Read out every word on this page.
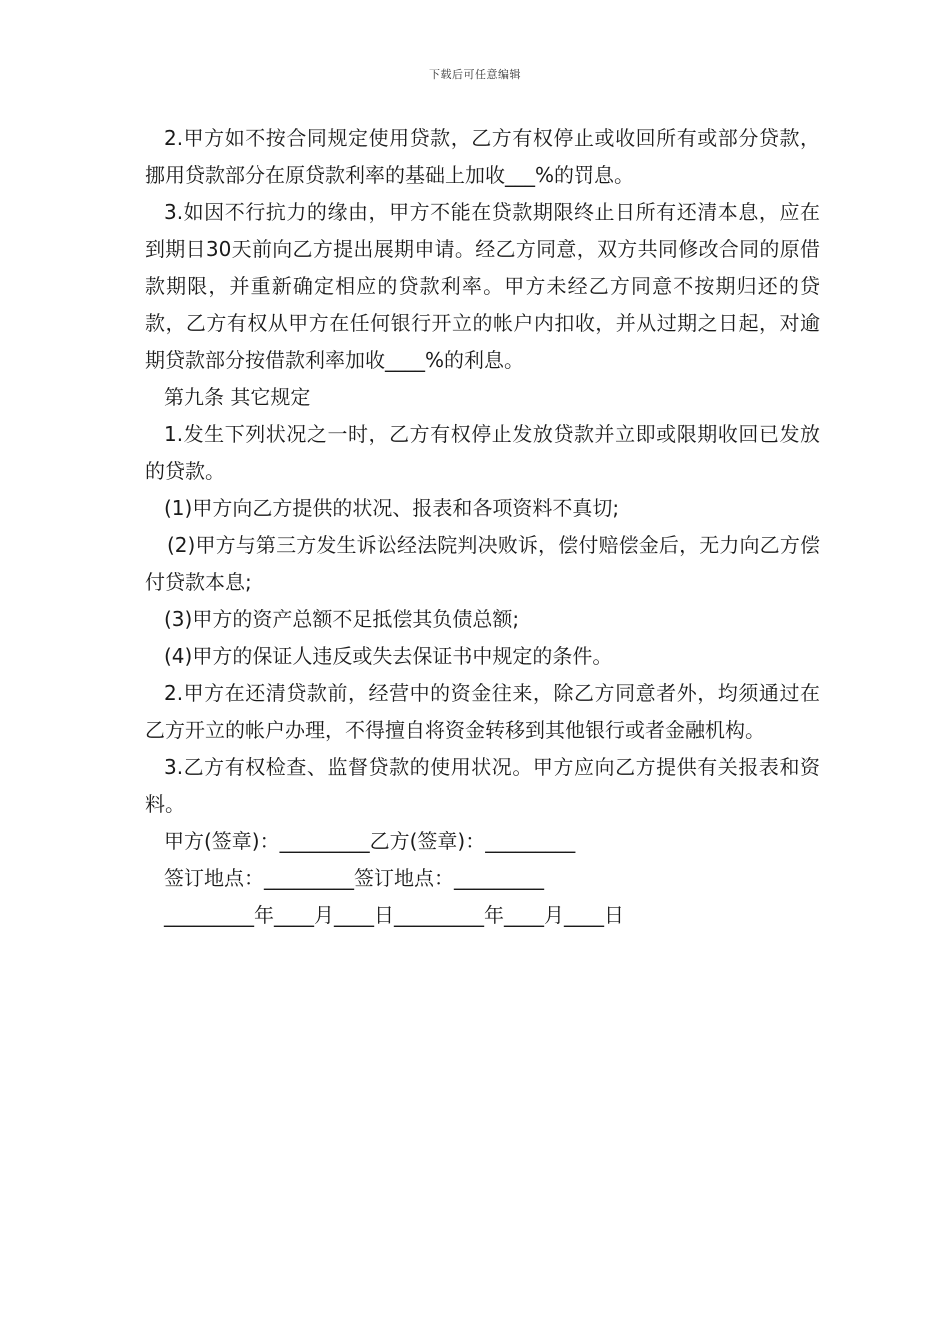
下载后可任意编辑

2.甲方如不按合同规定使用贷款，乙方有权停止或收回所有或部分贷款，挪用贷款部分在原贷款利率的基础上加收___%的罚息。

3.如因不行抗力的缘由，甲方不能在贷款期限终止日所有还清本息，应在到期日30天前向乙方提出展期申请。经乙方同意，双方共同修改合同的原借款期限，并重新确定相应的贷款利率。甲方未经乙方同意不按期归还的贷款，乙方有权从甲方在任何银行开立的帐户内扣收，并从过期之日起，对逾期贷款部分按借款利率加收____%的利息。

第九条 其它规定

1.发生下列状况之一时，乙方有权停止发放贷款并立即或限期收回已发放的贷款。

(1)甲方向乙方提供的状况、报表和各项资料不真切;

(2)甲方与第三方发生诉讼经法院判决败诉，偿付赔偿金后，无力向乙方偿付贷款本息;

(3)甲方的资产总额不足抵偿其负债总额;

(4)甲方的保证人违反或失去保证书中规定的条件。

2.甲方在还清贷款前，经营中的资金往来，除乙方同意者外，均须通过在乙方开立的帐户办理，不得擅自将资金转移到其他银行或者金融机构。

3.乙方有权检查、监督贷款的使用状况。甲方应向乙方提供有关报表和资料。

甲方(签章)：_________乙方(签章)：_________

签订地点：_________签订地点：_________

_________年____月____日_________年____月____日
